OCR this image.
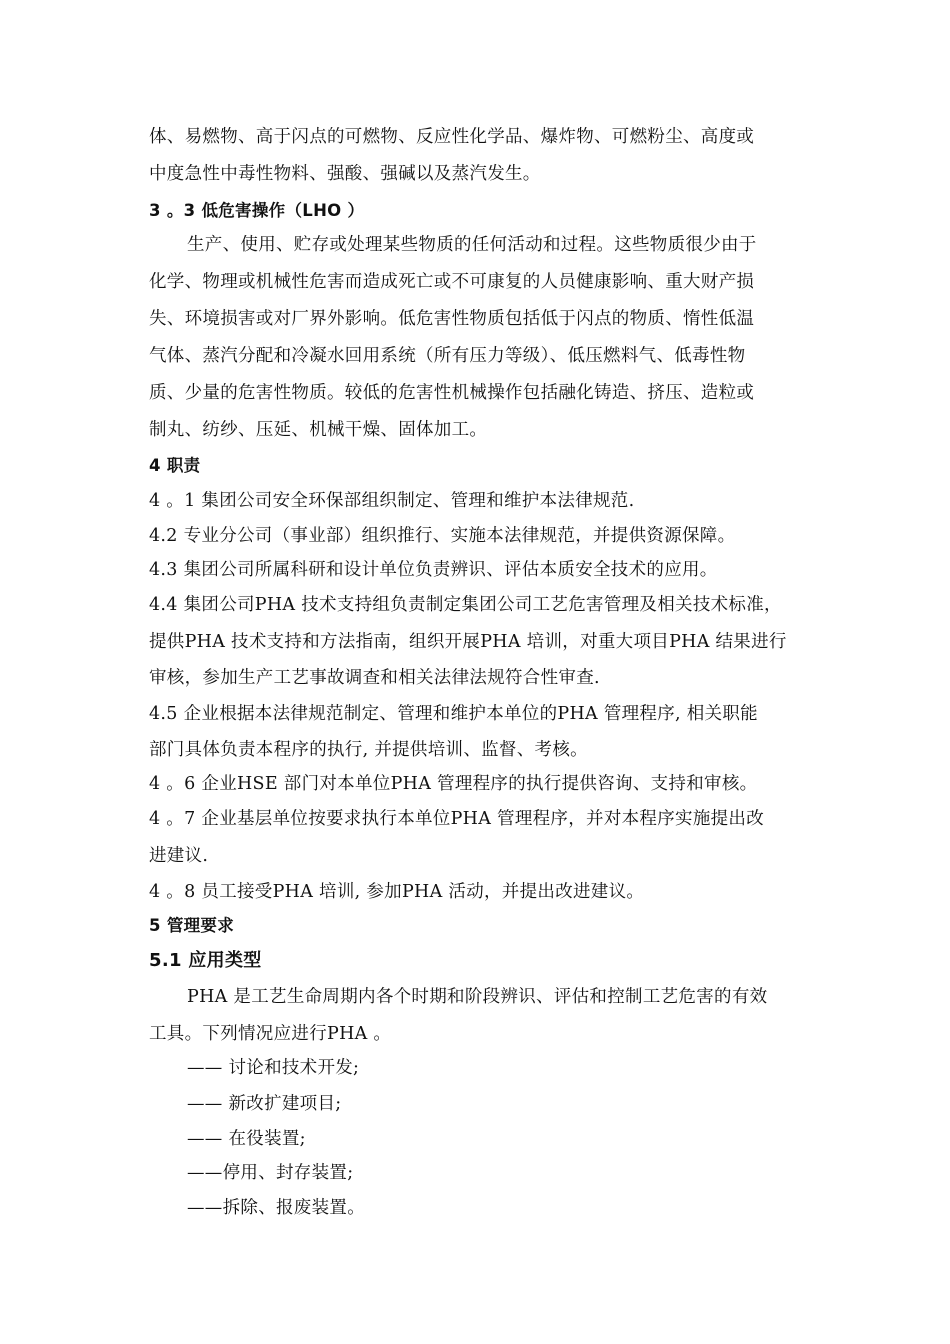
体、易燃物、高于闪点的可燃物、反应性化学品、爆炸物、可燃粉尘、高度或
中度急性中毒性物料、强酸、强碱以及蒸汽发生。
3 。3 低危害操作（LHO ）
生产、使用、贮存或处理某些物质的任何活动和过程。这些物质很少由于
化学、物理或机械性危害而造成死亡或不可康复的人员健康影响、重大财产损
失、环境损害或对厂界外影响。低危害性物质包括低于闪点的物质、惰性低温
气体、蒸汽分配和冷凝水回用系统（所有压力等级）、低压燃料气、低毒性物
质、少量的危害性物质。较低的危害性机械操作包括融化铸造、挤压、造粒或
制丸、纺纱、压延、机械干燥、固体加工。
4 职责
4 。1 集团公司安全环保部组织制定、管理和维护本法律规范.
4.2 专业分公司（事业部）组织推行、实施本法律规范，并提供资源保障。
4.3 集团公司所属科研和设计单位负责辨识、评估本质安全技术的应用。
4.4 集团公司PHA 技术支持组负责制定集团公司工艺危害管理及相关技术标准，
提供PHA 技术支持和方法指南，组织开展PHA 培训，对重大项目PHA 结果进行
审核，参加生产工艺事故调查和相关法律法规符合性审查.
4.5 企业根据本法律规范制定、管理和维护本单位的PHA 管理程序, 相关职能
部门具体负责本程序的执行, 并提供培训、监督、考核。
4 。6 企业HSE 部门对本单位PHA 管理程序的执行提供咨询、支持和审核。
4 。7 企业基层单位按要求执行本单位PHA 管理程序，并对本程序实施提出改
进建议.
4 。8 员工接受PHA 培训, 参加PHA 活动，并提出改进建议。
5 管理要求
5.1 应用类型
PHA 是工艺生命周期内各个时期和阶段辨识、评估和控制工艺危害的有效
工具。下列情况应进行PHA 。
—— 讨论和技术开发;
—— 新改扩建项目;
—— 在役装置;
——停用、封存装置;
——拆除、报废装置。
